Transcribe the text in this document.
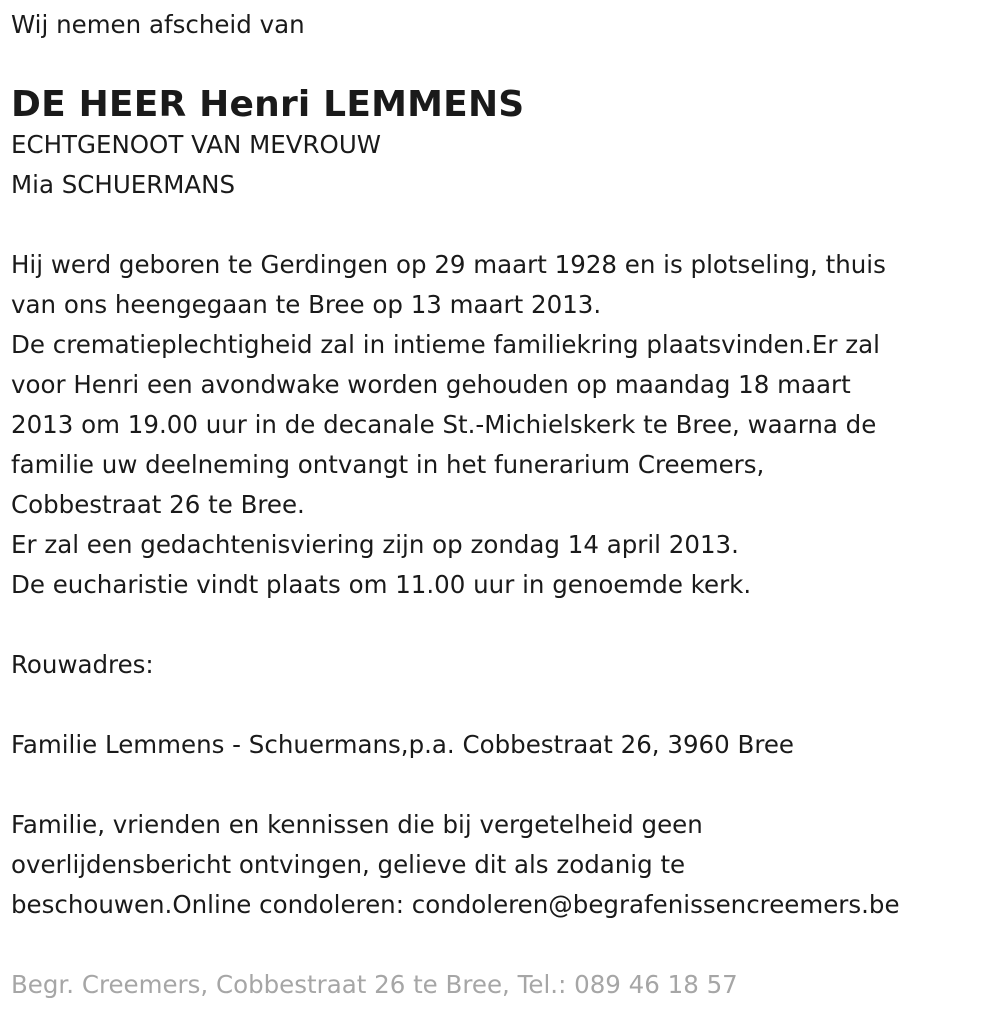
Wij nemen afscheid van

DE HEER Henri LEMMENS

ECHTGENOOT VAN MEVROUW

Mia SCHUERMANS

Hij werd geboren te Gerdingen op 29 maart 1928 en is plotseling, thuis

van ons heengegaan te Bree op 13 maart 2013.

De crematieplechtigheid zal in intieme familiekring plaatsvinden.Er zal

voor Henri een avondwake worden gehouden op maandag 18 maart

2013 om 19.00 uur in de decanale St.-Michielskerk te Bree, waarna de

familie uw deelneming ontvangt in het funerarium Creemers,

Cobbestraat 26 te Bree.

Er zal een gedachtenisviering zijn op zondag 14 april 2013.

De eucharistie vindt plaats om 11.00 uur in genoemde kerk.

Rouwadres:

Familie Lemmens - Schuermans,p.a. Cobbestraat 26, 3960 Bree

Familie, vrienden en kennissen die bij vergetelheid geen

overlijdensbericht ontvingen, gelieve dit als zodanig te

beschouwen.Online condoleren: condoleren@begrafenissencreemers.be

Begr. Creemers, Cobbestraat 26 te Bree, Tel.: 089 46 18 57
